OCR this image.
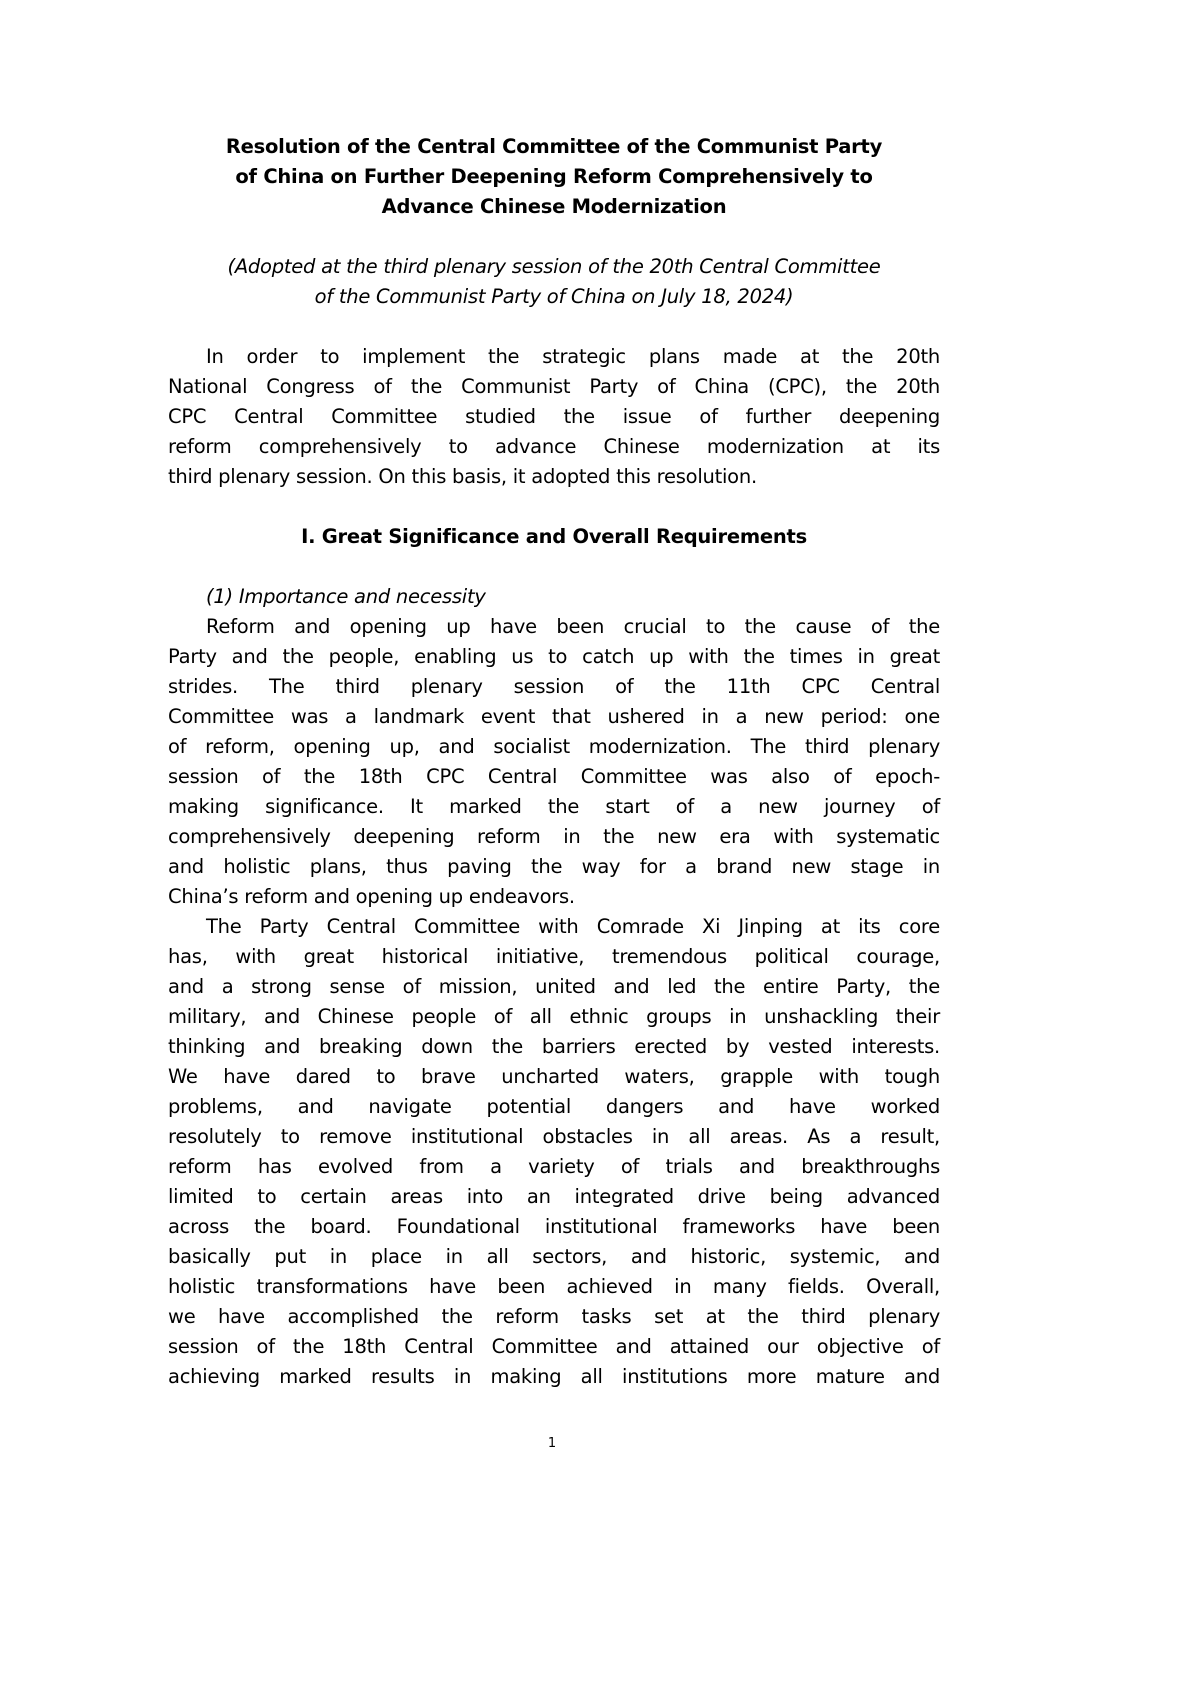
Resolution of the Central Committee of the Communist Party
of China on Further Deepening Reform Comprehensively to
Advance Chinese Modernization
(Adopted at the third plenary session of the 20th Central Committee
of the Communist Party of China on July 18, 2024)
In order to implement the strategic plans made at the 20th
National Congress of the Communist Party of China (CPC), the 20th
CPC Central Committee studied the issue of further deepening
reform comprehensively to advance Chinese modernization at its
third plenary session. On this basis, it adopted this resolution.
I. Great Significance and Overall Requirements
(1) Importance and necessity
Reform and opening up have been crucial to the cause of the
Party and the people, enabling us to catch up with the times in great
strides. The third plenary session of the 11th CPC Central
Committee was a landmark event that ushered in a new period: one
of reform, opening up, and socialist modernization. The third plenary
session of the 18th CPC Central Committee was also of epoch-
making significance. It marked the start of a new journey of
comprehensively deepening reform in the new era with systematic
and holistic plans, thus paving the way for a brand new stage in
China’s reform and opening up endeavors.
The Party Central Committee with Comrade Xi Jinping at its core
has, with great historical initiative, tremendous political courage,
and a strong sense of mission, united and led the entire Party, the
military, and Chinese people of all ethnic groups in unshackling their
thinking and breaking down the barriers erected by vested interests.
We have dared to brave uncharted waters, grapple with tough
problems, and navigate potential dangers and have worked
resolutely to remove institutional obstacles in all areas. As a result,
reform has evolved from a variety of trials and breakthroughs
limited to certain areas into an integrated drive being advanced
across the board. Foundational institutional frameworks have been
basically put in place in all sectors, and historic, systemic, and
holistic transformations have been achieved in many fields. Overall,
we have accomplished the reform tasks set at the third plenary
session of the 18th Central Committee and attained our objective of
achieving marked results in making all institutions more mature and
1
